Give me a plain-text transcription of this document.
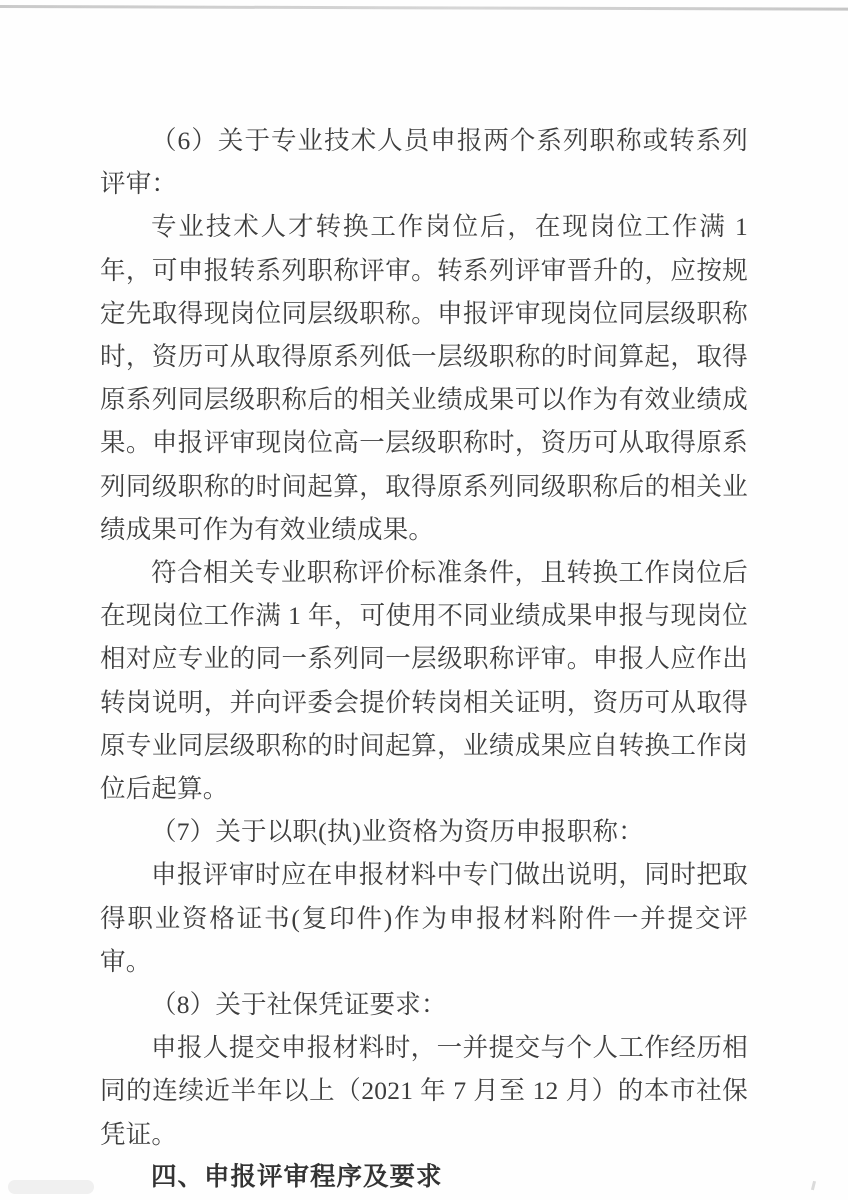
（6）关于专业技术人员申报两个系列职称或转系列评审：

专业技术人才转换工作岗位后，在现岗位工作满 1 年，可申报转系列职称评审。转系列评审晋升的，应按规定先取得现岗位同层级职称。申报评审现岗位同层级职称时，资历可从取得原系列低一层级职称的时间算起，取得原系列同层级职称后的相关业绩成果可以作为有效业绩成果。申报评审现岗位高一层级职称时，资历可从取得原系列同级职称的时间起算，取得原系列同级职称后的相关业绩成果可作为有效业绩成果。

符合相关专业职称评价标准条件，且转换工作岗位后在现岗位工作满 1 年，可使用不同业绩成果申报与现岗位相对应专业的同一系列同一层级职称评审。申报人应作出转岗说明，并向评委会提价转岗相关证明，资历可从取得原专业同层级职称的时间起算，业绩成果应自转换工作岗位后起算。

（7）关于以职(执)业资格为资历申报职称：

申报评审时应在申报材料中专门做出说明，同时把取得职业资格证书(复印件)作为申报材料附件一并提交评审。

（8）关于社保凭证要求：

申报人提交申报材料时，一并提交与个人工作经历相同的连续近半年以上（2021 年 7 月至 12 月）的本市社保凭证。

四、申报评审程序及要求
